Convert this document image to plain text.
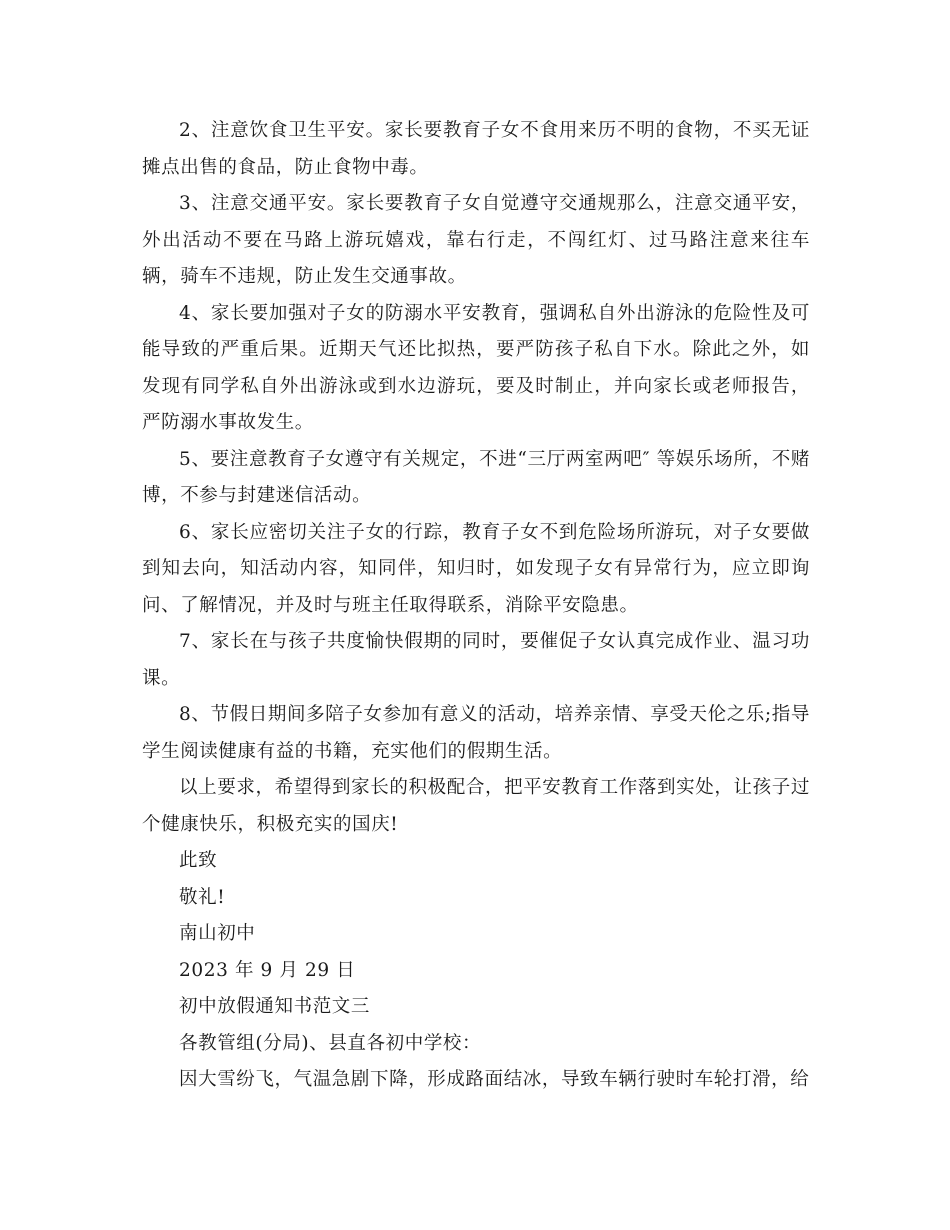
2、注意饮食卫生平安。家长要教育子女不食用来历不明的食物，不买无证摊点出售的食品，防止食物中毒。

3、注意交通平安。家长要教育子女自觉遵守交通规那么，注意交通平安，外出活动不要在马路上游玩嬉戏，靠右行走，不闯红灯、过马路注意来往车辆，骑车不违规，防止发生交通事故。

4、家长要加强对子女的防溺水平安教育，强调私自外出游泳的危险性及可能导致的严重后果。近期天气还比拟热，要严防孩子私自下水。除此之外，如发现有同学私自外出游泳或到水边游玩，要及时制止，并向家长或老师报告，严防溺水事故发生。

5、要注意教育子女遵守有关规定，不进“三厅两室两吧″ 等娱乐场所，不赌博，不参与封建迷信活动。

6、家长应密切关注子女的行踪，教育子女不到危险场所游玩，对子女要做到知去向，知活动内容，知同伴，知归时，如发现子女有异常行为，应立即询问、了解情况，并及时与班主任取得联系，消除平安隐患。

7、家长在与孩子共度愉快假期的同时，要催促子女认真完成作业、温习功课。

8、节假日期间多陪子女参加有意义的活动，培养亲情、享受天伦之乐;指导学生阅读健康有益的书籍，充实他们的假期生活。

以上要求，希望得到家长的积极配合，把平安教育工作落到实处，让孩子过个健康快乐，积极充实的国庆!

此致

敬礼!

南山初中

2023 年 9 月 29 日

初中放假通知书范文三

各教管组(分局)、县直各初中学校：

因大雪纷飞，气温急剧下降，形成路面结冰，导致车辆行驶时车轮打滑，给
